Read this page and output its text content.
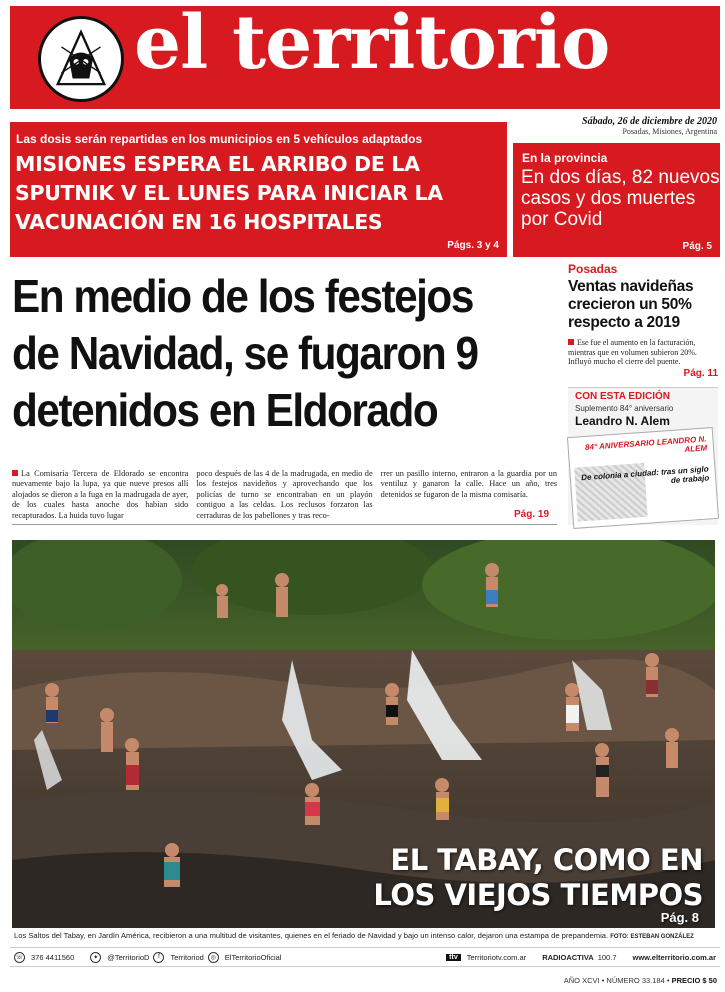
el territorio
Sábado, 26 de diciembre de 2020
Posadas, Misiones, Argentina
Las dosis serán repartidas en los municipios en 5 vehículos adaptados
MISIONES ESPERA EL ARRIBO DE LA SPUTNIK V EL LUNES PARA INICIAR LA VACUNACIÓN EN 16 HOSPITALES
Págs. 3 y 4
En la provincia
En dos días, 82 nuevos casos y dos muertes por Covid
Pág. 5
En medio de los festejos de Navidad, se fugaron 9 detenidos en Eldorado
La Comisaría Tercera de Eldorado se encontra nuevamente bajo la lupa, ya que nueve presos allí alojados se dieron a la fuga en la madrugada de ayer, de los cuales hasta anoche dos habían sido recapturados. La huida tuvo lugar
poco después de las 4 de la madrugada, en medio de los festejos navideños y aprovechando que los policías de turno se encontraban en un playón contiguo a las celdas. Los reclusos forzaron las cerraduras de los pabellones y tras reco-
rrer un pasillo interno, entraron a la guardia por un ventiluz y ganaron la calle. Hace un año, tres detenidos se fugaron de la misma comisaría.
Pág. 19
Posadas
Ventas navideñas crecieron un 50% respecto a 2019
Ese fue el aumento en la facturación, mientras que en volumen subieron 20%. Influyó mucho el cierre del puente.
Pág. 11
CON ESTA EDICIÓN
Suplemento 84° aniversario
Leandro N. Alem
84° ANIVERSARIO LEANDRO N. ALEM
De colonia a ciudad: tras un siglo de trabajo
EL TABAY, COMO EN
LOS VIEJOS TIEMPOS
Pág. 8
Los Saltos del Tabay, en Jardín América, recibieron a una multitud de visitantes, quienes en el feriado de Navidad y bajo un intenso calor, dejaron una estampa de prepandemia. FOTO: ESTEBAN GONZÁLEZ
☏ 376 4411560	✦	@TerritorioD	f	Territoriod	◎	ElTerritorioOficial	ttv	Territoriotv.com.ar RADIOACTIVA 100.7 www.elterritorio.com.ar
AÑO XCVI • NÚMERO 33.184 • PRECIO $ 50
